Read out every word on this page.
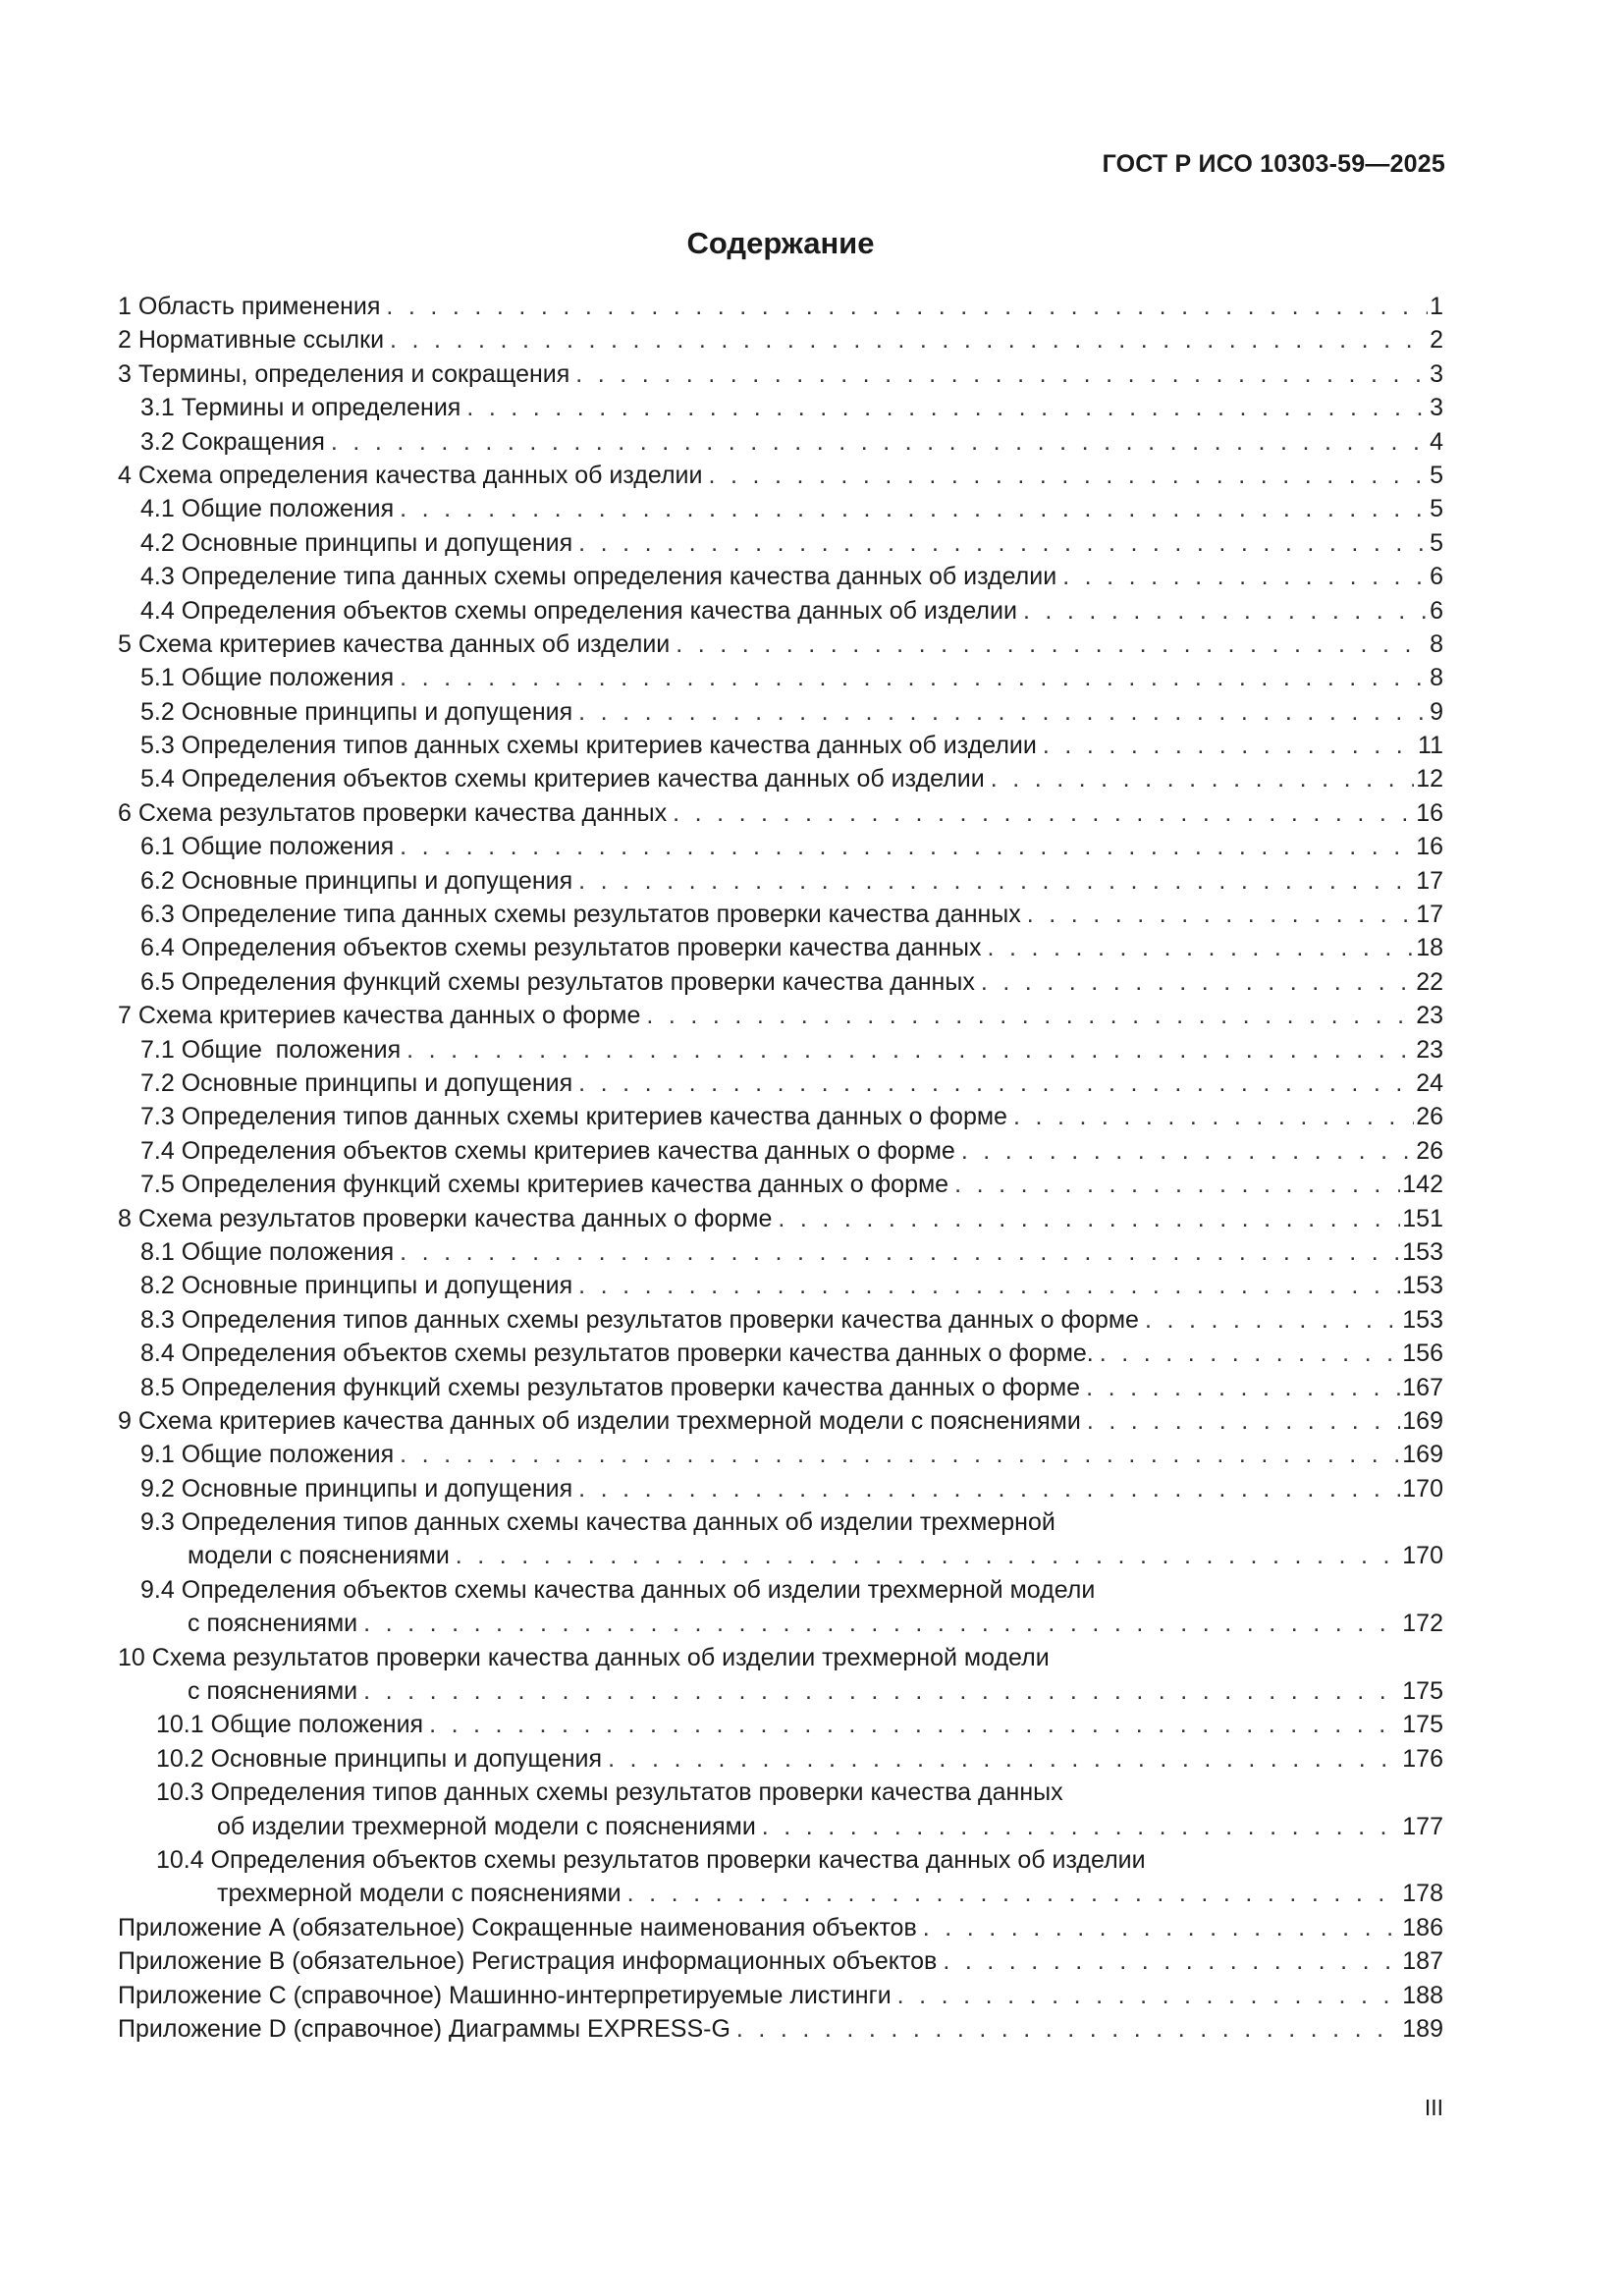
ГОСТ Р ИСО 10303-59—2025
Содержание
1 Область применения . . .	1
2 Нормативные ссылки . . .	2
3 Термины, определения и сокращения . . .	3
3.1 Термины и определения . . .	3
3.2 Сокращения . . .	4
4 Схема определения качества данных об изделии . . .	5
4.1 Общие положения . . .	5
4.2 Основные принципы и допущения . . .	5
4.3 Определение типа данных схемы определения качества данных об изделии . . .	6
4.4 Определения объектов схемы определения качества данных об изделии . . .	6
5 Схема критериев качества данных об изделии . . .	8
5.1 Общие положения . . .	8
5.2 Основные принципы и допущения . . .	9
5.3 Определения типов данных схемы критериев качества данных об изделии . . .	11
5.4 Определения объектов схемы критериев качества данных об изделии . . .	12
6 Схема результатов проверки качества данных . . .	16
6.1 Общие положения . . .	16
6.2 Основные принципы и допущения . . .	17
6.3 Определение типа данных схемы результатов проверки качества данных . . .	17
6.4 Определения объектов схемы результатов проверки качества данных . . .	18
6.5 Определения функций схемы результатов проверки качества данных . . .	22
7 Схема критериев качества данных о форме . . .	23
7.1 Общие  положения . . .	23
7.2 Основные принципы и допущения . . .	24
7.3 Определения типов данных схемы критериев качества данных о форме . . .	26
7.4 Определения объектов схемы критериев качества данных о форме . . .	26
7.5 Определения функций схемы критериев качества данных о форме . . .	142
8 Схема результатов проверки качества данных о форме . . .	151
8.1 Общие положения . . .	153
8.2 Основные принципы и допущения . . .	153
8.3 Определения типов данных схемы результатов проверки качества данных о форме . . .	153
8.4 Определения объектов схемы результатов проверки качества данных о форме. . . .	156
8.5 Определения функций схемы результатов проверки качества данных о форме . . .	167
9 Схема критериев качества данных об изделии трехмерной модели с пояснениями . . .	169
9.1 Общие положения . . .	169
9.2 Основные принципы и допущения . . .	170
9.3 Определения типов данных схемы качества данных об изделии трехмерной
модели с пояснениями . . .	170
9.4 Определения объектов схемы качества данных об изделии трехмерной модели
с пояснениями . . .	172
10 Схема результатов проверки качества данных об изделии трехмерной модели
с пояснениями . . .	175
10.1 Общие положения . . .	175
10.2 Основные принципы и допущения . . .	176
10.3 Определения типов данных схемы результатов проверки качества данных
об изделии трехмерной модели с пояснениями . . .	177
10.4 Определения объектов схемы результатов проверки качества данных об изделии
трехмерной модели с пояснениями . . .	178
Приложение А (обязательное) Сокращенные наименования объектов . . .	186
Приложение В (обязательное) Регистрация информационных объектов . . .	187
Приложение С (справочное) Машинно-интерпретируемые листинги . . .	188
Приложение D (справочное) Диаграммы EXPRESS-G . . .	189
III
